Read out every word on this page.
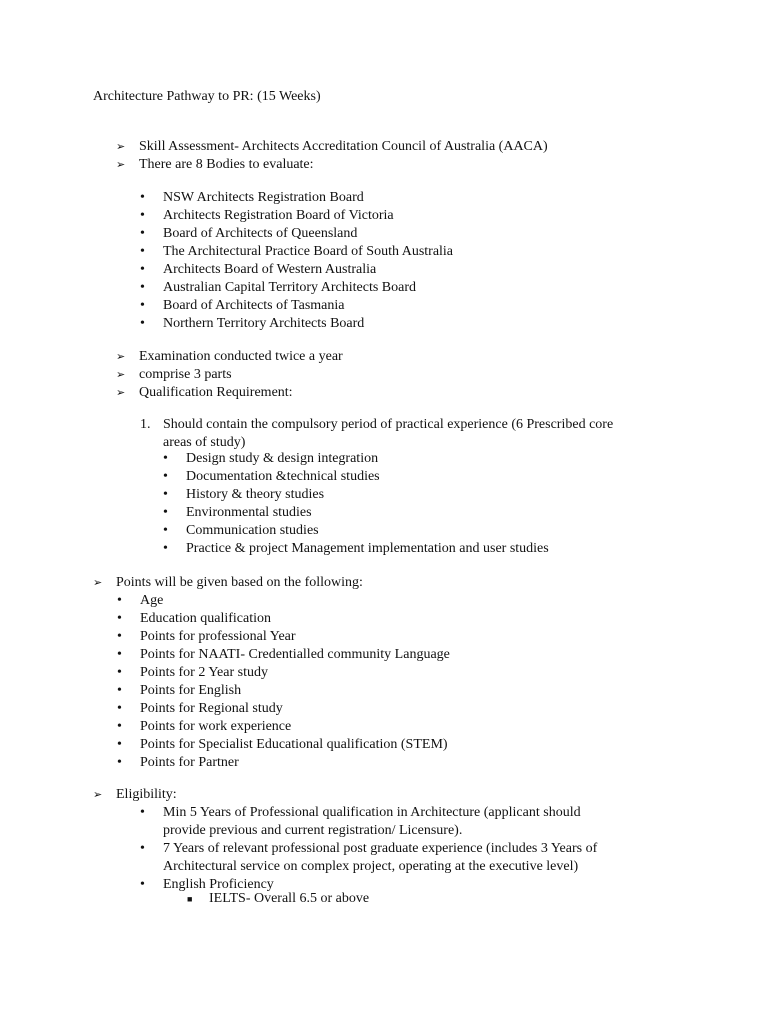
Architecture Pathway to PR: (15 Weeks)
➢ Skill Assessment- Architects Accreditation Council of Australia (AACA)
➢ There are 8 Bodies to evaluate:
•	NSW Architects Registration Board
•	Architects Registration Board of Victoria
•	Board of Architects of Queensland
•	The Architectural Practice Board of South Australia
•	Architects Board of Western Australia
•	Australian Capital Territory Architects Board
•	Board of Architects of Tasmania
•	Northern Territory Architects Board
➢ Examination conducted twice a year
➢ comprise 3 parts
➢ Qualification Requirement:
1. Should contain the compulsory period of practical experience (6 Prescribed core
areas of study)
•	Design study & design integration
•	Documentation &technical studies
•	History & theory studies
•	Environmental studies
•	Communication studies
•	Practice & project Management implementation and user studies
➢ Points will be given based on the following:
•	Age
•	Education qualification
•	Points for professional Year
•	Points for NAATI- Credentialled community Language
•	Points for 2 Year study
•	Points for English
•	Points for Regional study
•	Points for work experience
•	Points for Specialist Educational qualification (STEM)
•	Points for Partner
➢ Eligibility:
•	Min 5 Years of Professional qualification in Architecture (applicant should
provide previous and current registration/ Licensure).
•	7 Years of relevant professional post graduate experience (includes 3 Years of
Architectural service on complex project, operating at the executive level)
•	English Proficiency
■	IELTS- Overall 6.5 or above
